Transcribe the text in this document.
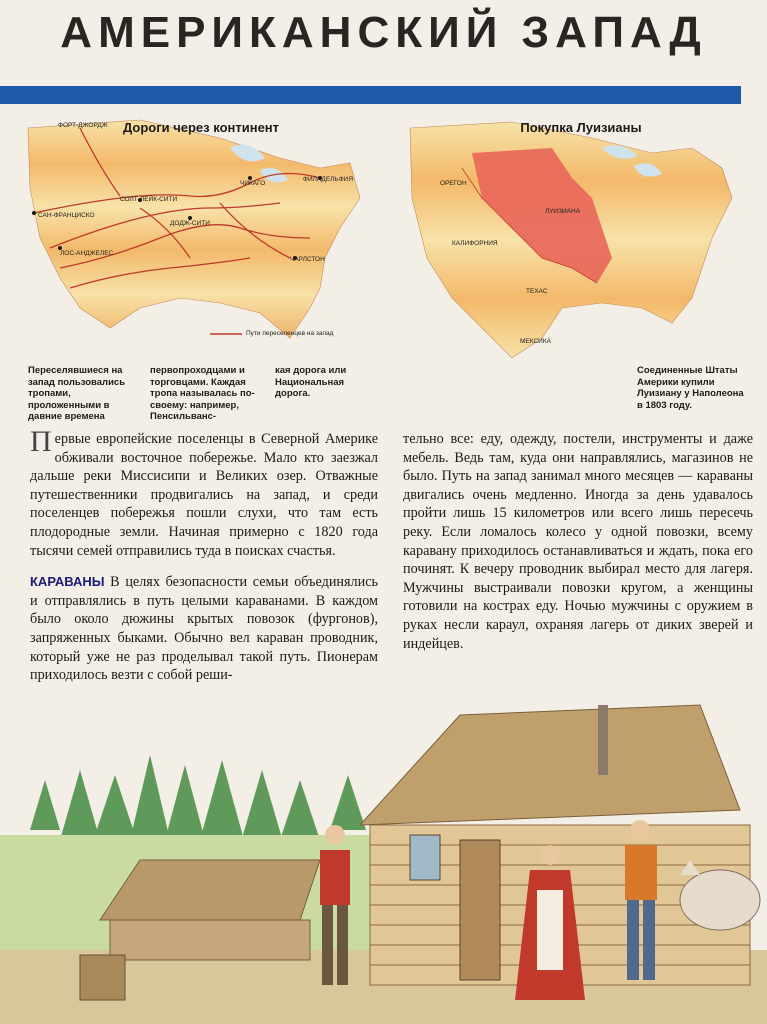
АМЕРИКАНСКИЙ ЗАПАД
Дороги через континент
ФОРТ-ДЖОРДЖ
ЧИКАГО
ФИЛАДЕЛЬФИЯ
СОЛТ-ЛЕЙК-СИТИ
САН-ФРАНЦИСКО
ДОДЖ-СИТИ
ЛОС-АНДЖЕЛЕС
ЧАРЛСТОН
Пути переселенцев на запад
Покупка Луизианы
ОРЕГОН
ЛУИЗИАНА
КАЛИФОРНИЯ
ТЕХАС
МЕКСИКА
Переселявшиеся на запад пользовались тропами, проложенными в давние времена
первопроходцами и торговцами. Каждая тропа называлась по-своему: например, Пенсильванс-
кая дорога или Национальная дорога.
Соединенные Штаты Америки купили Луизиану у Наполеона в 1803 году.

Первые европейские поселенцы в Северной Америке обживали восточное побережье. Мало кто заезжал дальше реки Миссисипи и Великих озер. Отважные путешественники продвигались на запад, и среди поселенцев побережья пошли слухи, что там есть плодородные земли. Начиная примерно с 1820 года тысячи семей отправились туда в поисках счастья.

КАРАВАНЫ В целях безопасности семьи объединялись и отправлялись в путь целыми караванами. В каждом было около дюжины крытых повозок (фургонов), запряженных быками. Обычно вел караван проводник, который уже не раз проделывал такой путь. Пионерам приходилось везти с собой реши-

тельно все: еду, одежду, постели, инструменты и даже мебель. Ведь там, куда они направлялись, магазинов не было. Путь на запад занимал много месяцев — караваны двигались очень медленно. Иногда за день удавалось пройти лишь 15 километров или всего лишь пересечь реку. Если ломалось колесо у одной повозки, всему каравану приходилось останавливаться и ждать, пока его починят. К вечеру проводник выбирал место для лагеря. Мужчины выстраивали повозки кругом, а женщины готовили на кострах еду. Ночью мужчины с оружием в руках несли караул, охраняя лагерь от диких зверей и индейцев.
